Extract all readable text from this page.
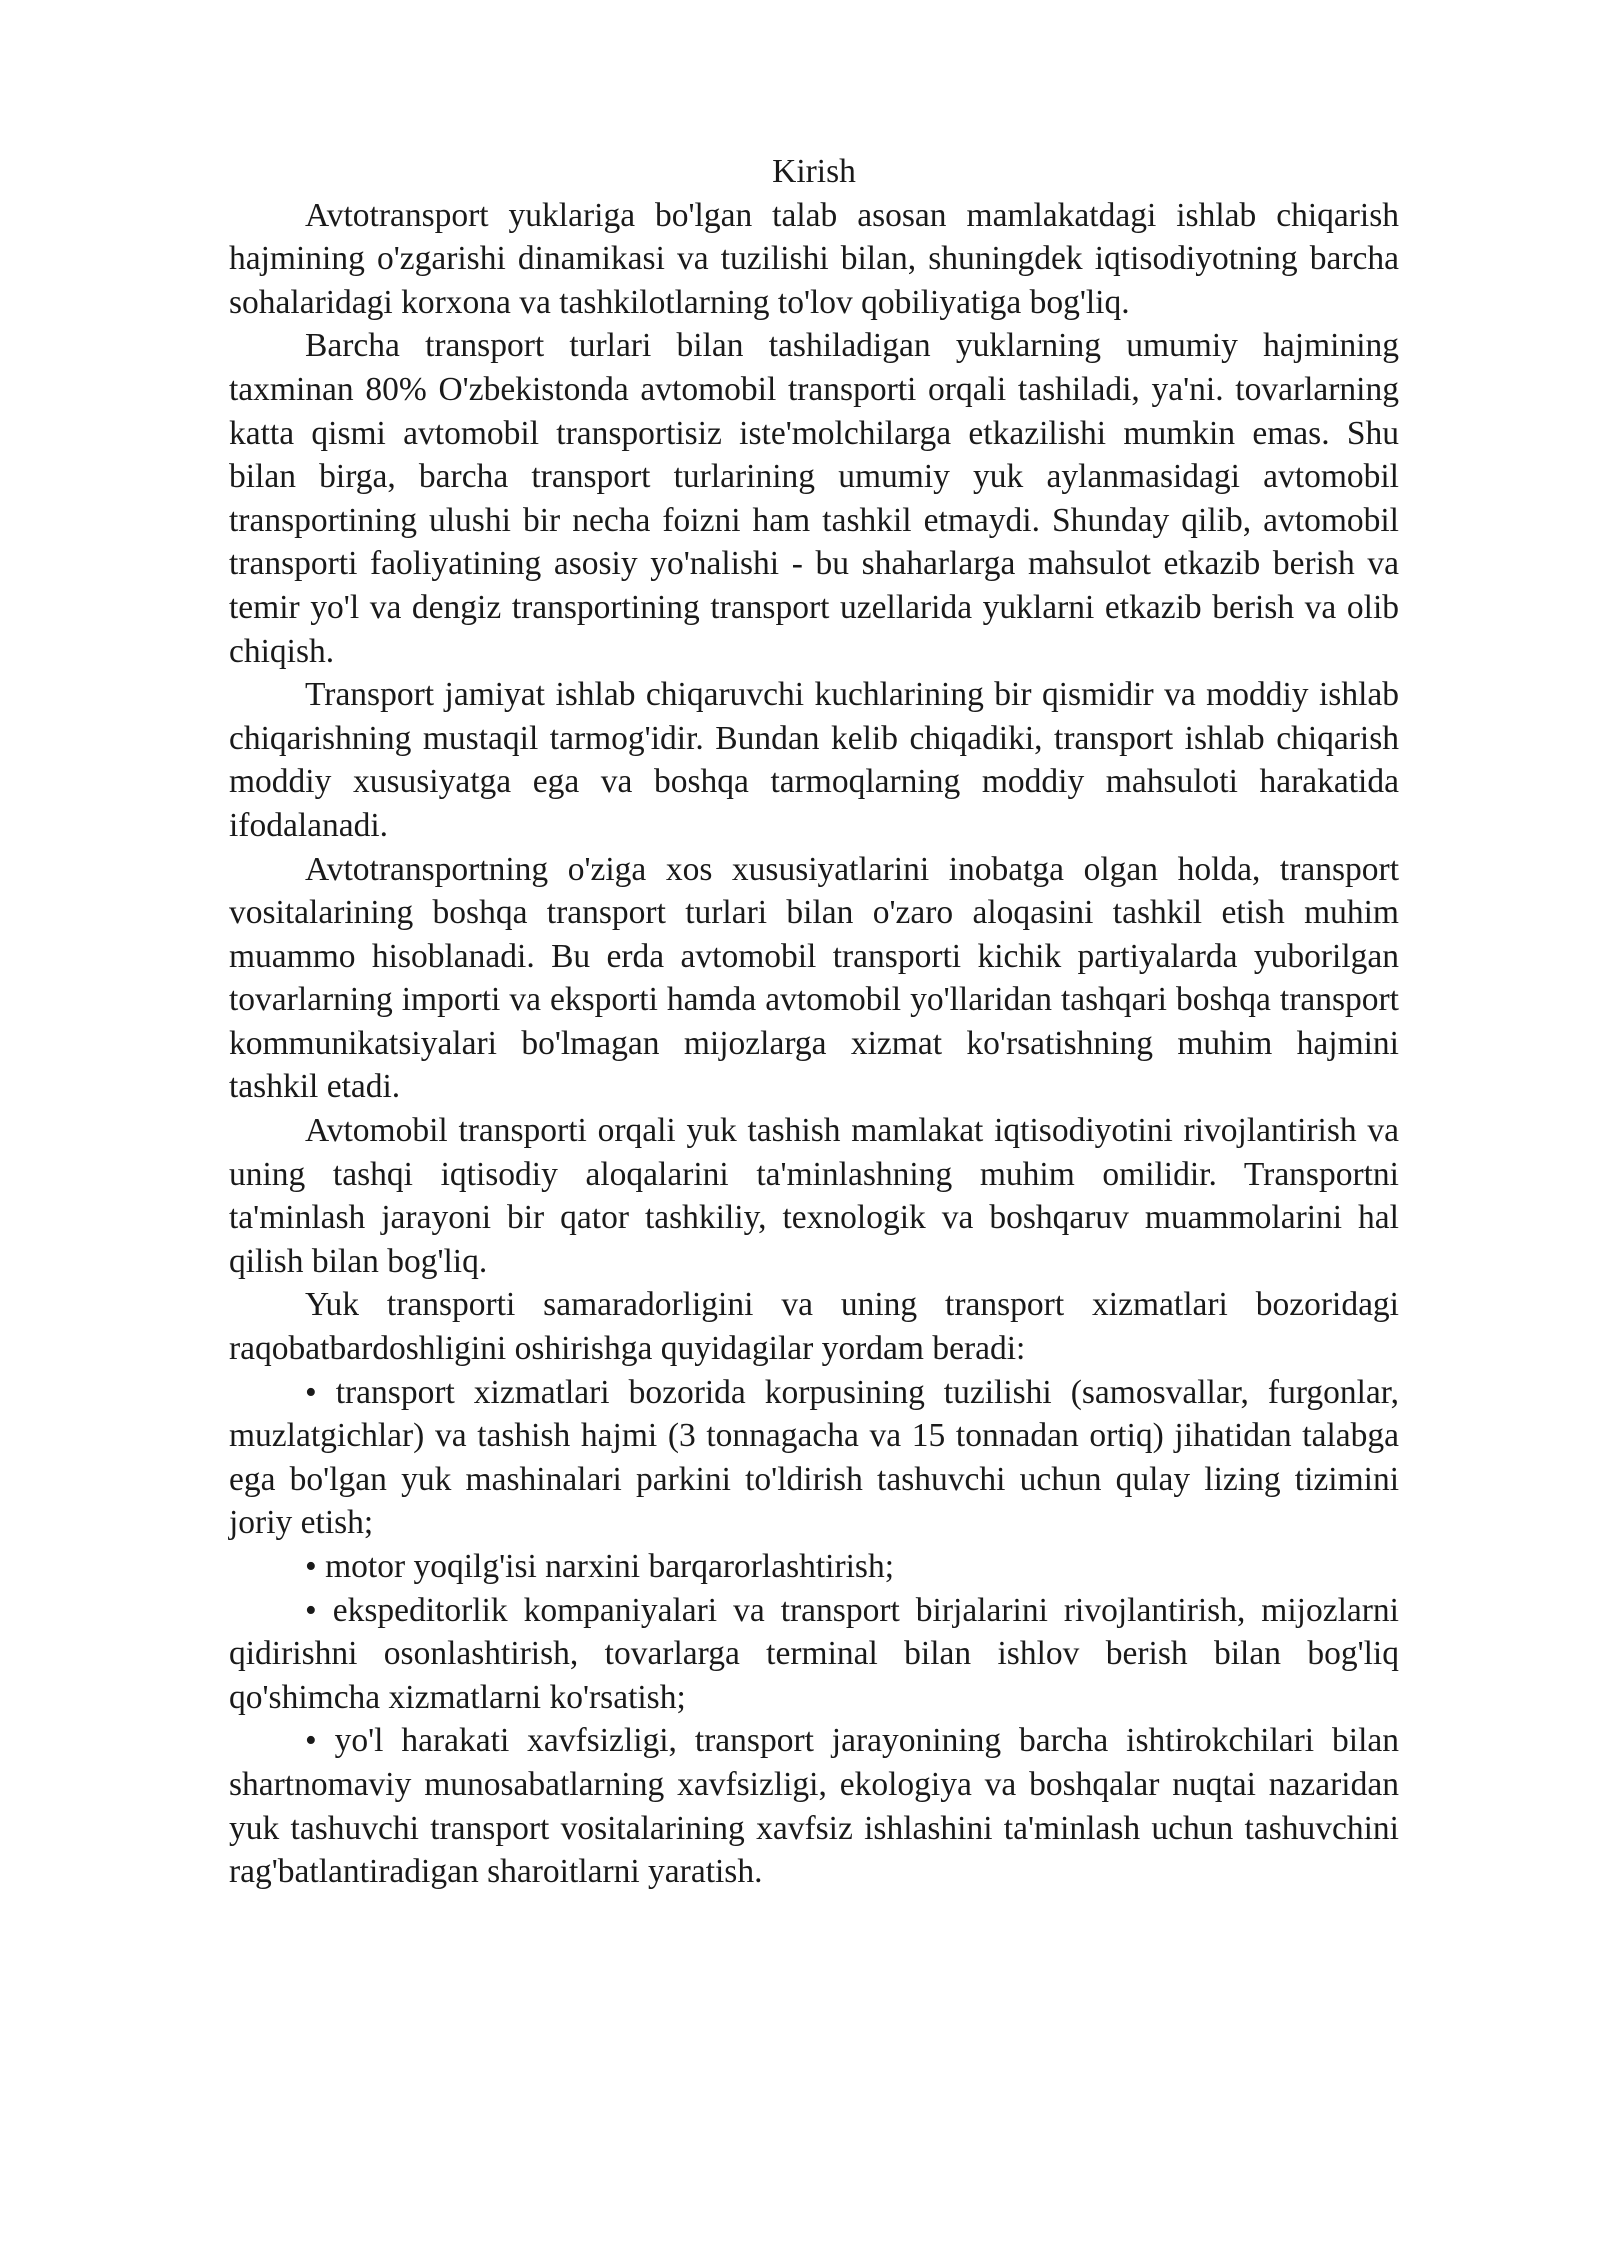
Kirish

Avtotransport yuklariga bo'lgan talab asosan mamlakatdagi ishlab chiqarish hajmining o'zgarishi dinamikasi va tuzilishi bilan, shuningdek iqtisodiyotning barcha sohalaridagi korxona va tashkilotlarning to'lov qobiliyatiga bog'liq.

Barcha transport turlari bilan tashiladigan yuklarning umumiy hajmining taxminan 80% O'zbekistonda avtomobil transporti orqali tashiladi, ya'ni. tovarlarning katta qismi avtomobil transportisiz iste'molchilarga etkazilishi mumkin emas. Shu bilan birga, barcha transport turlarining umumiy yuk aylanmasidagi avtomobil transportining ulushi bir necha foizni ham tashkil etmaydi. Shunday qilib, avtomobil transporti faoliyatining asosiy yo'nalishi - bu shaharlarga mahsulot etkazib berish va temir yo'l va dengiz transportining transport uzellarida yuklarni etkazib berish va olib chiqish.

Transport jamiyat ishlab chiqaruvchi kuchlarining bir qismidir va moddiy ishlab chiqarishning mustaqil tarmog'idir. Bundan kelib chiqadiki, transport ishlab chiqarish moddiy xususiyatga ega va boshqa tarmoqlarning moddiy mahsuloti harakatida ifodalanadi.

Avtotransportning o'ziga xos xususiyatlarini inobatga olgan holda, transport vositalarining boshqa transport turlari bilan o'zaro aloqasini tashkil etish muhim muammo hisoblanadi. Bu erda avtomobil transporti kichik partiyalarda yuborilgan tovarlarning importi va eksporti hamda avtomobil yo'llaridan tashqari boshqa transport kommunikatsiyalari bo'lmagan mijozlarga xizmat ko'rsatishning muhim hajmini tashkil etadi.

Avtomobil transporti orqali yuk tashish mamlakat iqtisodiyotini rivojlantirish va uning tashqi iqtisodiy aloqalarini ta'minlashning muhim omilidir. Transportni ta'minlash jarayoni bir qator tashkiliy, texnologik va boshqaruv muammolarini hal qilish bilan bog'liq.

Yuk transporti samaradorligini va uning transport xizmatlari bozoridagi raqobatbardoshligini oshirishga quyidagilar yordam beradi:

• transport xizmatlari bozorida korpusining tuzilishi (samosvallar, furgonlar, muzlatgichlar) va tashish hajmi (3 tonnagacha va 15 tonnadan ortiq) jihatidan talabga ega bo'lgan yuk mashinalari parkini to'ldirish tashuvchi uchun qulay lizing tizimini joriy etish;

• motor yoqilg'isi narxini barqarorlashtirish;

• ekspeditorlik kompaniyalari va transport birjalarini rivojlantirish, mijozlarni qidirishni osonlashtirish, tovarlarga terminal bilan ishlov berish bilan bog'liq qo'shimcha xizmatlarni ko'rsatish;

• yo'l harakati xavfsizligi, transport jarayonining barcha ishtirokchilari bilan shartnomaviy munosabatlarning xavfsizligi, ekologiya va boshqalar nuqtai nazaridan yuk tashuvchi transport vositalarining xavfsiz ishlashini ta'minlash uchun tashuvchini rag'batlantiradigan sharoitlarni yaratish.
